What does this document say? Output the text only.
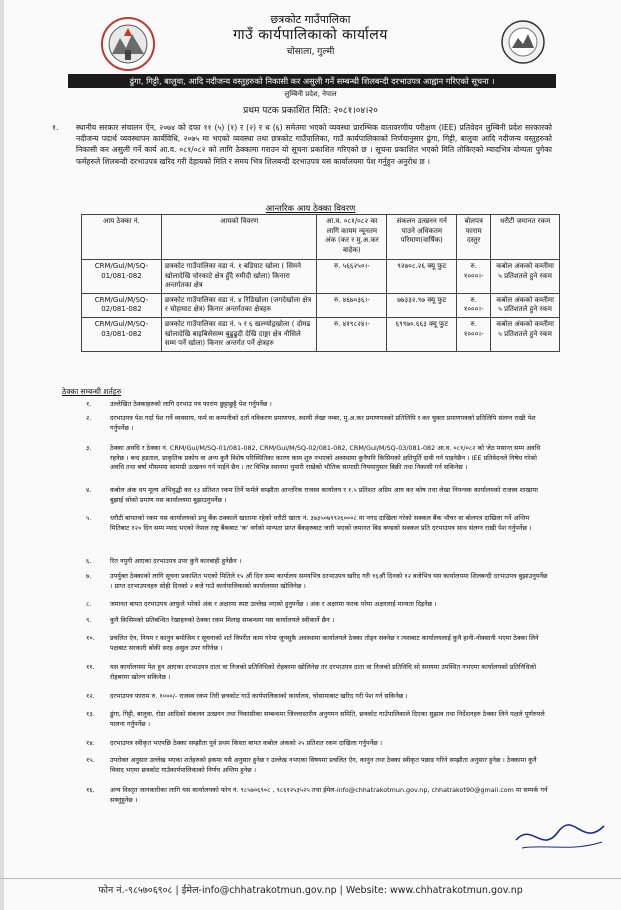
छत्रकोट गाउँपालिका
गाउँ कार्यपालिकाको कार्यालय
चोसाला, गुल्मी
ढुंगा, गिट्टी, बालुवा, आदि नदीजन्य वस्तुहरुको निकासी कर असुली गर्ने सम्बन्धी शिलबन्दी दरभाउपत्र आह्वान गरिएको सूचना ।
लुम्बिनी प्रदेश, नेपाल
प्रथम पटक प्रकाशित मिति: २०८१।०४।२०
१. स्थानीय सरकार संचालन ऐन, २०७४ को दफा ११ (५) (१) र (२) र ध (६) समेतमा भएको व्यवस्था प्रारम्भिक वातावरणीय परीक्षण (IEE) प्रतिवेदन लुम्बिनी प्रदेश सरकारको नदीजन्य पदार्थ व्यवस्थापन कार्यविधि, २०७५ मा भएको व्यवस्था तथा छत्रकोट गाउँपालिका, गाउँ कार्यपालिकाको निर्णयानुसार ढुंगा, गिट्टी, बालुवा आदि नदीजन्य वस्तुहरुको निकासी कर असुली गर्ने कार्य आ.व. ०८१/०८२ को लागि ठेक्कामा गराउन यो सूचना प्रकाशित गरिएको छ । सूचना प्रकाशित भएको मिति तोकिएको म्यादभित्र योग्यता पुगेका फर्महरुले शिलबन्दी दरभाउपत्र खरिद गरी देहायको मिति र समय भित्र शिलबन्दी दरभाउपत्र यस कार्यालयमा पेश गर्नुहुन अनुरोध छ ।
आन्तरिक आय ठेक्का विवरण
आय ठेक्का नं.	आयको विवरण	आ.व. ०८१/०८२ का लागि कायम न्यूनतम अंक (कर र मु.अ.कर बाहेक)	संकलन उत्खनन गर्न पाउने अधिकतम परिमाण(वार्षिक)	बोलपत्र फाराम दस्तुर	धरौटी जमानत रकम
CRM/Gul/M/SQ-01/081-082	छत्रकोट गाउँपालिका वडा नं. १ बडिघाट खोला ( सिमने खोलादेखि चोरकाटे क्षेत्र हुँदै रुमीदी खोला) किनारा अन्तर्गतका क्षेत्र	रु. ५६६२५०।-	९२७०८.२६ क्यू फुट	रु. १०००।-	कबोल अंकको कम्तीमा ५ प्रतिशतले हुने रकम
CRM/Gul/M/SQ-02/081-082	छत्रकोट गाउँपालिका वडा नं. ४ रिडिखोला (जगदेखोला क्षेत्र र चोहाघाट क्षेत्र) किनार अन्तर्गतका क्षेत्रहरु	रु. ४६७०३६।-	७७३३२.९७ क्यू फुट	रु. १०००।-	कबोल अंकको कम्तीमा ५ प्रतिशतले हुने रकम
CRM/Gul/M/SQ-03/081-082	छत्रकोट गाउँपालिका वडा नं. ५ र ६ खल्ग्योद्गखोला ( दोमढ खोलादेखि बाइबिसेसम्म बुढुढुदी देखि दाङ्गा क्षेत्र नौसिले सम्म पर्ने खोला) किनार अन्तर्गत पर्ने क्षेत्रहरु	रु. ४१९८२४।-	६९९७०.६६३ क्यू फुट	रु. १०००।-	कबोल अंकको कम्तीमा ५ प्रतिशतले हुने रकम
ठेक्का सम्बन्धी शर्तहरु
१.	उल्लेखित ठेक्काहरुको लागि दरभाउ पत्र फाराम छुट्टाछुट्टै पेश गर्नुपर्नेछ ।
२.	दरभाउपत्र पेश गर्दा पेश गर्ने व्यवसाय, फर्म वा कम्पनीको दर्ता नविकरण प्रमाणपत्र, स्थायी लेखा नम्बर, मु.अ.कर प्रमाणपत्रको प्रतिलिपि र कर चुक्ता प्रमाणपत्रको प्रतिलिपि संलग्न राखी पेश गर्नुपर्नेछ ।
३.	ठेक्का अवधि र ठेक्का नं. CRM/Gul/M/SQ-01/081-082, CRM/Gul/M/SQ-02/081-082, CRM/Gul/M/SQ-03/081-082 आ.व. ०८१/०८२ को जेठ मसान्त सम्म अवधि रहनेछ । बन्द हडताल, प्राकृतिक प्रकोप वा अन्य कुनै विशेष परिस्थितिका कारण काम शुरु नभएको अवस्थामा कुनैपनि किसिमको क्षतिपूर्ति दावी गर्न पाइनेछैन । IEE प्रतिवेदनले निषेध गरेको अवधि तथा बर्षा मौसममा सामाग्री उत्खनन गर्न पाईने छैन । तर विभिन्न स्थानमा थुपारी राखेको भौतिक सामाग्री नियमानुसार बिक्री तथा निकासी गर्न सकिनेछ ।
४.	कबोल अंक थप मूल्य अभिवृद्धी कर १३ प्रतिशत रकम तिर्ने फर्मले सम्झौता आन्तरिक राजस्व कार्यालय र १.५ प्रतिशत अग्रिम आय कर कोष तथा लेखा नियन्त्रक कार्यालयको राजस्व शाखामा बुझाई सोको प्रमाण यस कार्यालयमा बुझाउनुपर्नेछ ।
५.	धरौटी बापतको रकम यस कार्यालयको प्रभु बैंक ठक्काले खातामा रहेको धरौटी खाता नं. ३७३५०७९९२६०००८ मा नगद दाखिला गरेको सक्कल बैंक भौचर वा बोलपत्र दाखिला गर्ने अन्तिम मितिबाट १२० दिन सम्म म्याद भएको नेपाल राष्ट्र बैंकबाट 'क' वर्गको मान्यता प्राप्त बैंकहरुबाट जारी भएको जमानत बिड बण्डको सक्कल प्रति दरभाउपत्र साथ संलग्न राखी पेश गर्नुपर्नेछ ।
६.	रित नपुगी आएका दरभाउपत्र उपर कुनै कारबाही हुनेछैन ।
७.	उपर्युक्त ठेक्काको लागि सूचना प्रकाशित भएको मितिले १५ औं दिन सम्म कार्यालय समयभित्र दरभाउपत्र खरिद गरी १६औं दिनको १२ बजेभित्र यस कार्यालयमा शिलबन्दी दरभाउपत्र बुझाउनुपर्नेछ । प्राप्त दरभाउपत्रहरु सोही दिनको २ बजे गाउँ कार्यपालिकाको कार्यालयमा खोलिनेछ ।
८.	जमानत बापत दरभाउपत्र आफुले भरेको अंक र अक्षरमा स्पष्ट उल्लेख भएको हुनुपर्नेछ । अंक र अक्षरमा फरक परेमा अक्षरलाई मान्यता दिइनेछ ।
९.	कुनै किसिमको प्रतिबन्धित रेखाहरुको ठेक्का रकम मिलाइ सम्बन्धमा यस कार्यालयले स्वीकार्ने छैन ।
१०. प्रचलित ऐन, नियम र कानुन बमोजिम र सूचनाको शर्त विपरीत काम गरेमा जुनसुकै अवस्थामा कार्यालयले ठेक्का तोड्न सक्नेछ र त्यसबाट कार्यालयलाई कुनै हानी-नोक्सानी भएमा ठेक्का लिने पक्षबाट सरकारी बाँकी सरह असुल उपर गरिनेछ ।
११. यस कार्यालयमा पेश हुन आएका दरभाउपत्र दाता वा निजको प्रतिनिधिको रोहबरमा खोलिनेछ तर दरभाउपत्र दाता वा निजको प्रतिनिधि सो समयमा उपस्थित नभएमा कार्यालयको प्रतिनिधिको रोहबरमा खोल्न सकिनेछ ।
१२. दरभाउपत्र फाराम रु. १०००/- राजस्व रकम तिरी छत्रकोट गाउँ कार्यपालिकाको कार्यालय, चोसामाबाट खरिद गरी पेश गर्न सकिनेछ ।
१३. ढुंगा, गिट्टी, बालुवा, रोडा आदिको संकलन उत्खनन तथा निकासीका सम्बन्धमा जिल्लास्तरीय अनुगमन समिति, छत्रकोट गाउँपालिकाले दिएका सुझाव तथा निर्देशनहरु ठेक्का लिने पक्षले पूर्णरुपले पालना गर्नुपर्नेछ ।
१४. दरभाउपत्र स्वीकृत भएपछि ठेक्का सम्झौता पूर्व प्रथम किस्ता बापत कबोल अंकको २५ प्रतिशत रकम दाखिला गर्नुपर्नेछ ।
१५. उपरोक्त अनुसार उल्लेख भएका शर्तहरुको हकमा यसै अनुसार हुनेछ र उल्लेख नभएका विषयमा प्रचलित ऐन, कानुन तथा ठेक्का स्वीकृत पछाड गरिने सम्झौता अनुसार हुनेछ । ठेक्कामा कुनै विवाद भएमा छत्रकोट गाउँकार्यपालिकाको निर्णय अन्तिम हुनेछ ।
१६. अन्य विस्तृत जानकारीका लागि यस कार्यालयको फोन नं. ९८५७०६९०८ , ९८६१२५३५२५ तथा ईमेल-info@chhatrakotmun.gov.np, chhatrakot90@gmail.com मा सम्पर्क गर्न सक्नुहुनेछ ।
फोन नं.-९८५७०६९०८ | ईमेल-info@chhatrakotmun.gov.np | Website: www.chhatrakotmun.gov.np
